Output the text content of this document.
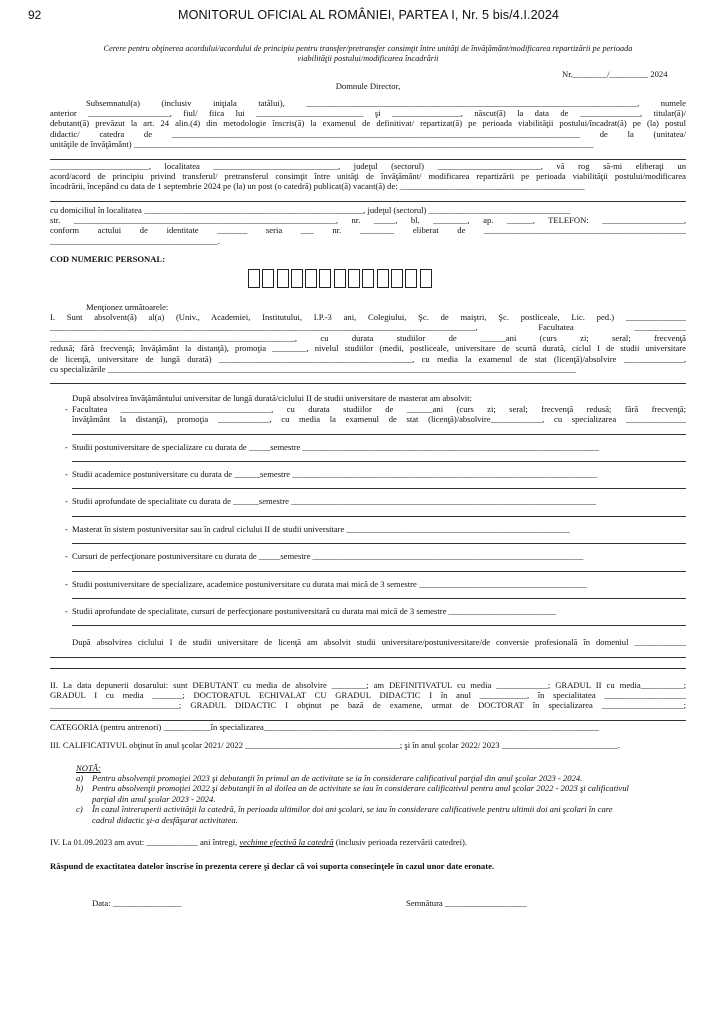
92	MONITORUL OFICIAL AL ROMÂNIEI, PARTEA I, Nr. 5 bis/4.I.2024
Cerere pentru obţinerea acordului/acordului de principiu pentru transfer/pretransfer consimţit între unităţi de învăţământ/modificarea repartizării pe perioada
viabilităţii postului/modificarea încadrării
Nr.________/_________ 2024
Domnule Director,
Subsemnatul(a) (inclusiv iniţiala tatălui), _____________________________________________________________________________, numele
anterior ___________________, fiul/ fiica lui _________________________ şi ________________, născut(ă) la data de ______________, titular(ă)/
debutant(ă) prevăzut la art. 24 alin.(4) din metodologie înscris(ă) la examenul de definitivat/ repartizat(ă) pe perioada viabilităţii postului/încadrat(ă) pe (la) postul
didactic/ catedra de _______________________________________________________________________________________________ de la (unitatea/
unităţile de învăţământ) ___________________________________________________________________________________________________________
_______________________, localitatea _____________________________, judeţul (sectorul) ________________________, vă rog să-mi eliberaţi un
acord/acord de principiu privind transferul/ pretransferul consimţit între unităţi de învăţământ/ modificarea repartizării pe perioada viabilităţii postului/modificarea
încadrării, începând cu data de 1 septembrie 2024 pe (la) un post (o catedră) publicat(ă) vacant(ă) de: ___________________________________________
cu domiciliul în localitatea ___________________________________________________, judeţul (sectorul) _________________________________
str. _____________________________________________________________, nr. _____, bl. ________, ap. ______, TELEFON: ___________________,
conform actului de identitate _______ seria ___ nr. ________ eliberat de _______________________________________________
_______________________________________.
COD NUMERIC PERSONAL:
Menţionez următoarele:
I. Sunt absolvent(ă) al(a) (Univ., Academiei, Institutului, I.P.-3 ani, Colegiului, Şc. de maiştri, Şc. postliceale, Lic. ped.) ______________
___________________________________________________________________________________________________, Facultatea ____________
_________________________________________________________, cu durata studiilor de ______ani (curs zi; seral; frecvenţă
redusă; fără frecvenţă; învăţământ la distanţă), promoţia ________, nivelul studiilor (medii, postliceale, universitare de scurtă durată, ciclul I de studii universitare
de licenţă, universitare de lungă durată) _____________________________________________, cu media la examenul de stat (licenţă)/absolvire ______________,
cu specializările _____________________________________________________________________________________________________________
După absolvirea învăţământului universitar de lungă durată/ciclului II de studii universitare de masterat am absolvit:
- Facultatea ___________________________________, cu durata studiilor de ______ani (curs zi; seral; frecvenţă redusă; fără frecvenţă;
învăţământ la distanţă), promoţia ____________, cu media la examenul de stat (licenţă)/absolvire____________, cu specializarea ______________
- Studii postuniversitare de specializare cu durata de _____semestre _____________________________________________________________________
- Studii academice postuniversitare cu durata de ______semestre _______________________________________________________________________
- Studii aprofundate de specialitate cu durata de ______semestre _______________________________________________________________________
- Masterat în sistem postuniversitar sau în cadrul ciclului II de studii universitare ____________________________________________________
- Cursuri de perfecţionare postuniversitare cu durata de _____semestre _______________________________________________________________
- Studii postuniversitare de specializare, academice postuniversitare cu durata mai mică de 3 semestre _______________________________________
- Studii aprofundate de specialitate, cursuri de perfecţionare postuniversitară cu durata mai mică de 3 semestre _________________________
După absolvirea ciclului I de studii universitare de licenţă am absolvit studii universitare/postuniversitare/de conversie profesională în domeniul ____________
II. La data depunerii dosarului: sunt DEBUTANT cu media de absolvire ________; am DEFINITIVATUL cu media ____________; GRADUL II cu media__________;
GRADUL I cu media _______; DOCTORATUL ECHIVALAT CU GRADUL DIDACTIC I în anul ___________, în specialitatea ___________________
______________________________; GRADUL DIDACTIC I obţinut pe bază de examene, urmat de DOCTORAT în specializarea ___________________;
CATEGORIA (pentru antrenori) ___________în specializarea______________________________________________________________________________
III. CALIFICATIVUL obţinut în anul şcolar 2021/ 2022 ____________________________________; şi în anul şcolar 2022/ 2023 ___________________________.
NOTĂ:
a) Pentru absolvenţii promoţiei 2023 şi debutanţii în primul an de activitate se ia în considerare calificativul parţial din anul şcolar 2023 - 2024.
b) Pentru absolvenţii promoţiei 2022 şi debutanţii în al doilea an de activitate se iau în considerare calificativul pentru anul şcolar 2022 - 2023 şi calificativul
parţial din anul şcolar 2023 - 2024.
c) În cazul întreruperii activităţii la catedră, în perioada ultimilor doi ani şcolari, se iau în considerare calificativele pentru ultimii doi ani şcolari în care
cadrul didactic şi-a desfăşurat activitatea.
IV. La 01.09.2023 am avut: ____________ ani întregi, vechime efectivă la catedră (inclusiv perioada rezervării catedrei).
Răspund de exactitatea datelor înscrise în prezenta cerere şi declar că voi suporta consecinţele în cazul unor date eronate.
Data: ________________	Semnătura ___________________
